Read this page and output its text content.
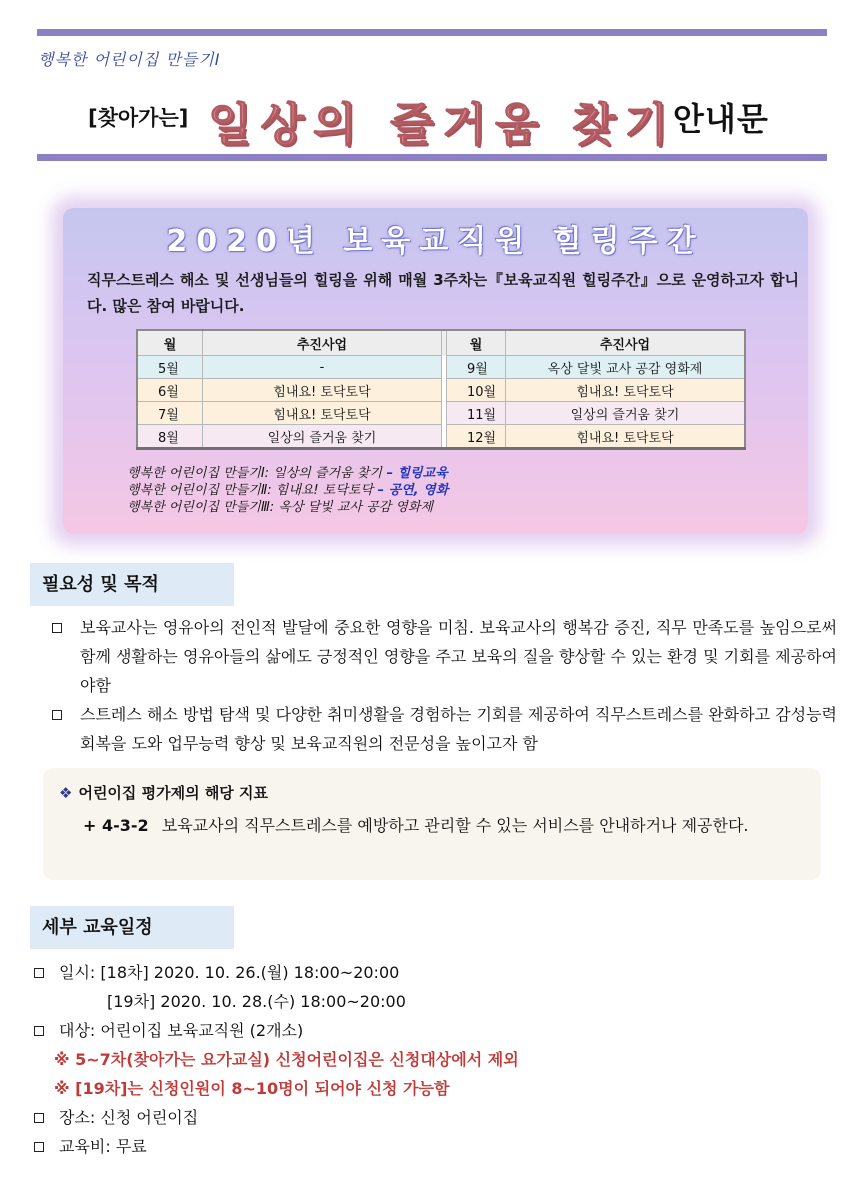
행복한 어린이집 만들기Ⅰ
[찾아가는] 일상의 즐거움 찾기
안내문
2020년 보육교직원 힐링주간
직무스트레스 해소 및 선생님들의 힐링을 위해 매월 3주차는『보육교직원 힐링주간』으로 운영하고자 합니다. 많은 참여 바랍니다.
월	추진사업		월	추진사업
5월	-		9월	옥상 달빛 교사 공감 영화제
6월	힘내요! 토닥토닥		10월	힘내요! 토닥토닥
7월	힘내요! 토닥토닥		11월	일상의 즐거움 찾기
8월	일상의 즐거움 찾기		12월	힘내요! 토닥토닥
행복한 어린이집 만들기Ⅰ: 일상의 즐거움 찾기 – 힐링교육
행복한 어린이집 만들기Ⅱ: 힘내요! 토닥토닥 – 공연, 영화
행복한 어린이집 만들기Ⅲ: 옥상 달빛 교사 공감 영화제
필요성 및 목적
보육교사는 영유아의 전인적 발달에 중요한 영향을 미침. 보육교사의 행복감 증진, 직무 만족도를 높임으로써 함께 생활하는 영유아들의 삶에도 긍정적인 영향을 주고 보육의 질을 향상할 수 있는 환경 및 기회를 제공하여야함
스트레스 해소 방법 탐색 및 다양한 취미생활을 경험하는 기회를 제공하여 직무스트레스를 완화하고 감성능력회복을 도와 업무능력 향상 및 보육교직원의 전문성을 높이고자 함
❖ 어린이집 평가제의 해당 지표
+ 4-3-2 보육교사의 직무스트레스를 예방하고 관리할 수 있는 서비스를 안내하거나 제공한다.
세부 교육일정
일시: [18차] 2020. 10. 26.(월) 18:00~20:00
[19차] 2020. 10. 28.(수) 18:00~20:00
대상: 어린이집 보육교직원 (2개소)
※ 5~7차(찾아가는 요가교실) 신청어린이집은 신청대상에서 제외
※ [19차]는 신청인원이 8~10명이 되어야 신청 가능함
장소: 신청 어린이집
교육비: 무료
